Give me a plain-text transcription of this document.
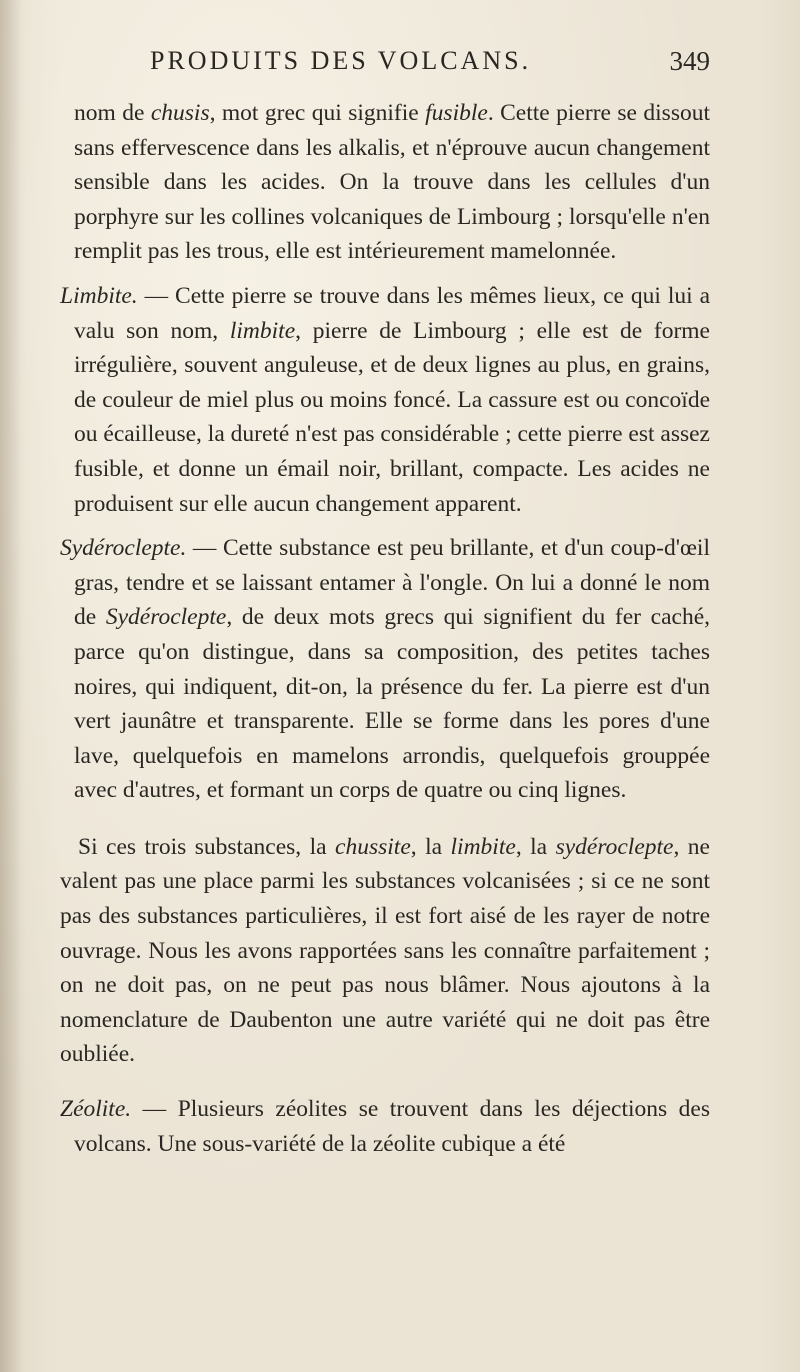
PRODUITS DES VOLCANS.	349

nom de chusis, mot grec qui signifie fusible. Cette pierre se dissout sans effervescence dans les alkalis, et n'éprouve aucun changement sensible dans les acides. On la trouve dans les cellules d'un porphyre sur les collines volcaniques de Limbourg ; lorsqu'elle n'en remplit pas les trous, elle est intérieurement mamelonnée.

Limbite. — Cette pierre se trouve dans les mêmes lieux, ce qui lui a valu son nom, limbite, pierre de Limbourg ; elle est de forme irrégulière, souvent anguleuse, et de deux lignes au plus, en grains, de couleur de miel plus ou moins foncé. La cassure est ou concoïde ou écailleuse, la dureté n'est pas considérable ; cette pierre est assez fusible, et donne un émail noir, brillant, compacte. Les acides ne produisent sur elle aucun changement apparent.

Sydéroclepte. — Cette substance est peu brillante, et d'un coup-d'œil gras, tendre et se laissant entamer à l'ongle. On lui a donné le nom de Sydéroclepte, de deux mots grecs qui signifient du fer caché, parce qu'on distingue, dans sa composition, des petites taches noires, qui indiquent, dit-on, la présence du fer. La pierre est d'un vert jaunâtre et transparente. Elle se forme dans les pores d'une lave, quelquefois en mamelons arrondis, quelquefois grouppée avec d'autres, et formant un corps de quatre ou cinq lignes.

Si ces trois substances, la chussite, la limbite, la sydéroclepte, ne valent pas une place parmi les substances volcanisées ; si ce ne sont pas des substances particulières, il est fort aisé de les rayer de notre ouvrage. Nous les avons rapportées sans les connaître parfaitement ; on ne doit pas, on ne peut pas nous blâmer. Nous ajoutons à la nomenclature de Daubenton une autre variété qui ne doit pas être oubliée.

Zéolite. — Plusieurs zéolites se trouvent dans les déjections des volcans. Une sous-variété de la zéolite cubique a été
